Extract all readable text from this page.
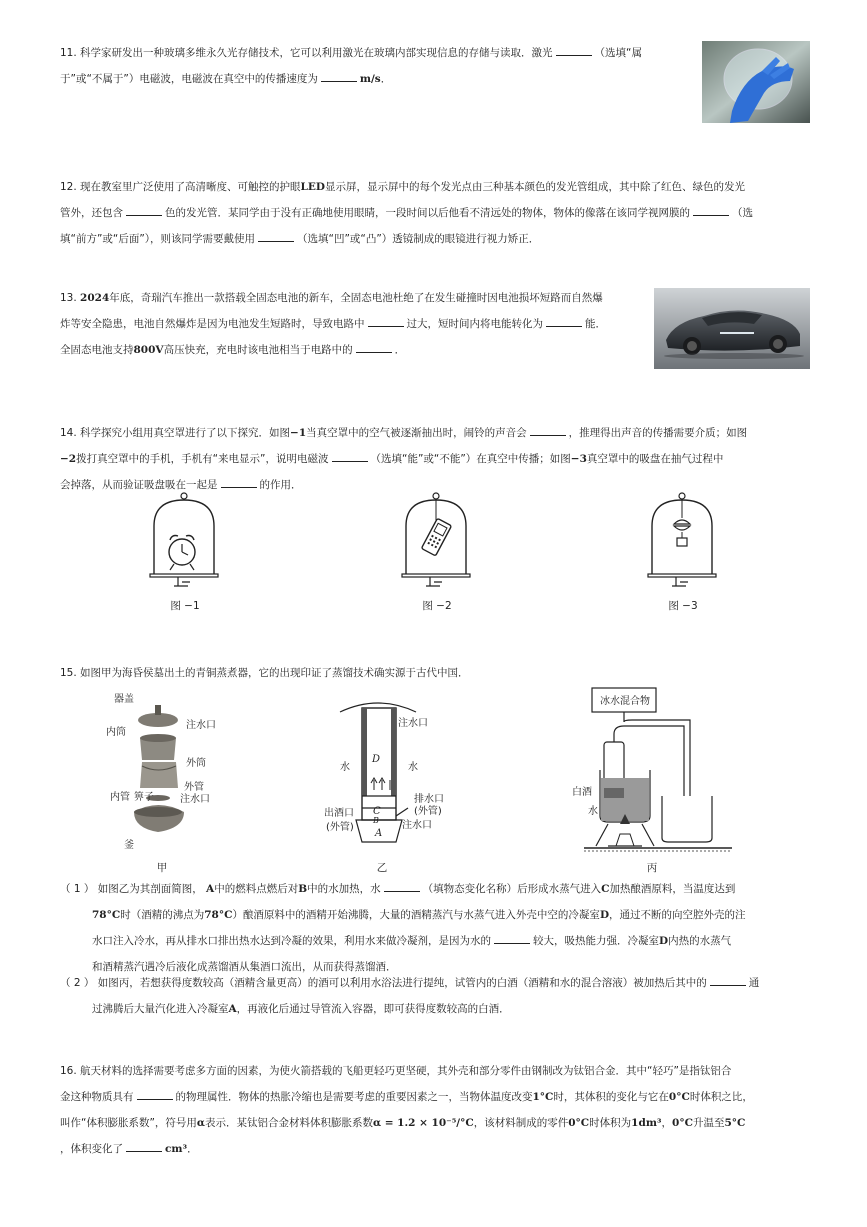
11. 科学家研发出一种玻璃多维永久光存储技术，它可以利用激光在玻璃内部实现信息的存储与读取．激光	（选填“属
于”或“不属于”）电磁波，电磁波在真空中的传播速度为	m/s．
12. 现在教室里广泛使用了高清晰度、可触控的护眼LED显示屏，显示屏中的每个发光点由三种基本颜色的发光管组成，其中除了红色、绿色的发光
管外，还包含	色的发光管．某同学由于没有正确地使用眼睛，一段时间以后他看不清远处的物体，物体的像落在该同学视网膜的	（选
填“前方”或“后面”），则该同学需要戴使用	（选填“凹”或“凸”）透镜制成的眼镜进行视力矫正．
13. 2024年底，奇瑞汽车推出一款搭载全固态电池的新车，全固态电池杜绝了在发生碰撞时因电池损坏短路而自然爆
炸等安全隐患，电池自然爆炸是因为电池发生短路时，导致电路中	过大，短时间内将电能转化为	能．
全固态电池支持800V高压快充，充电时该电池相当于电路中的	．
14. 科学探究小组用真空罩进行了以下探究．如图−1当真空罩中的空气被逐渐抽出时，闹铃的声音会	，推理得出声音的传播需要介质；如图
−2拨打真空罩中的手机，手机有“来电显示”，说明电磁波	（选填“能”或“不能”）在真空中传播；如图−3真空罩中的吸盘在抽气过程中
会掉落，从而验证吸盘吸在一起是	的作用．
图 −1	图 −2	图 −3
15. 如图甲为海昏侯墓出土的青铜蒸煮器，它的出现印证了蒸馏技术确实源于古代中国．
器盖
内筒
注水口
外筒
外管
注水口
内管 箅子
釜
注水口
D
水	水
排水口
(外管)
出酒口
(外管)
C
B
A
注水口
冰水混合物
白酒
水
甲	乙	丙
（ 1 ） 如图乙为其剖面简图， A中的燃料点燃后对B中的水加热，水	（填物态变化名称）后形成水蒸气进入C加热酿酒原料，当温度达到
78°C时（酒精的沸点为78°C）酿酒原料中的酒精开始沸腾，大量的酒精蒸汽与水蒸气进入外壳中空的冷凝室D，通过不断的向空腔外壳的注
水口注入冷水，再从排水口排出热水达到冷凝的效果，利用水来做冷凝剂，是因为水的	较大，吸热能力强．冷凝室D内热的水蒸气
和酒精蒸汽遇冷后液化成蒸馏酒从集酒口流出，从而获得蒸馏酒．
（ 2 ） 如图丙，若想获得度数较高（酒精含量更高）的酒可以利用水浴法进行提纯，试管内的白酒（酒精和水的混合溶液）被加热后其中的	通
过沸腾后大量汽化进入冷凝室A，再液化后通过导管流入容器，即可获得度数较高的白酒．
16. 航天材料的选择需要考虑多方面的因素，为使火箭搭载的飞船更轻巧更坚硬，其外壳和部分零件由钢制改为钛铝合金．其中“轻巧”是指钛铝合
金这种物质具有	的物理属性．物体的热胀冷缩也是需要考虑的重要因素之一，当物体温度改变1°C时，其体积的变化与它在0°C时体积之比，
叫作“体积膨胀系数”，符号用α表示．某钛铝合金材料体积膨胀系数α = 1.2 × 10⁻⁵/°C，该材料制成的零件0°C时体积为1dm³，0°C升温至5°C
，体积变化了	cm³．
